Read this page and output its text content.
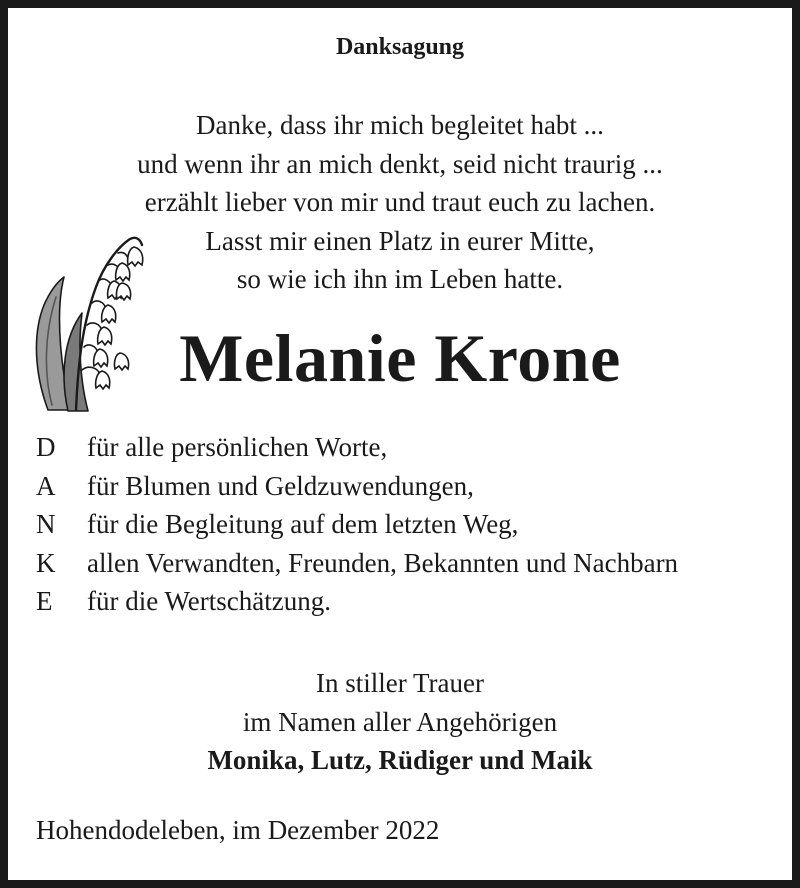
Danksagung
Danke, dass ihr mich begleitet habt ...
und wenn ihr an mich denkt, seid nicht traurig ...
erzählt lieber von mir und traut euch zu lachen.
Lasst mir einen Platz in eurer Mitte,
so wie ich ihn im Leben hatte.
Melanie Krone
D für alle persönlichen Worte,
A für Blumen und Geldzuwendungen,
N für die Begleitung auf dem letzten Weg,
K allen Verwandten, Freunden, Bekannten und Nachbarn
E für die Wertschätzung.
In stiller Trauer
im Namen aller Angehörigen
Monika, Lutz, Rüdiger und Maik
Hohendodeleben, im Dezember 2022
